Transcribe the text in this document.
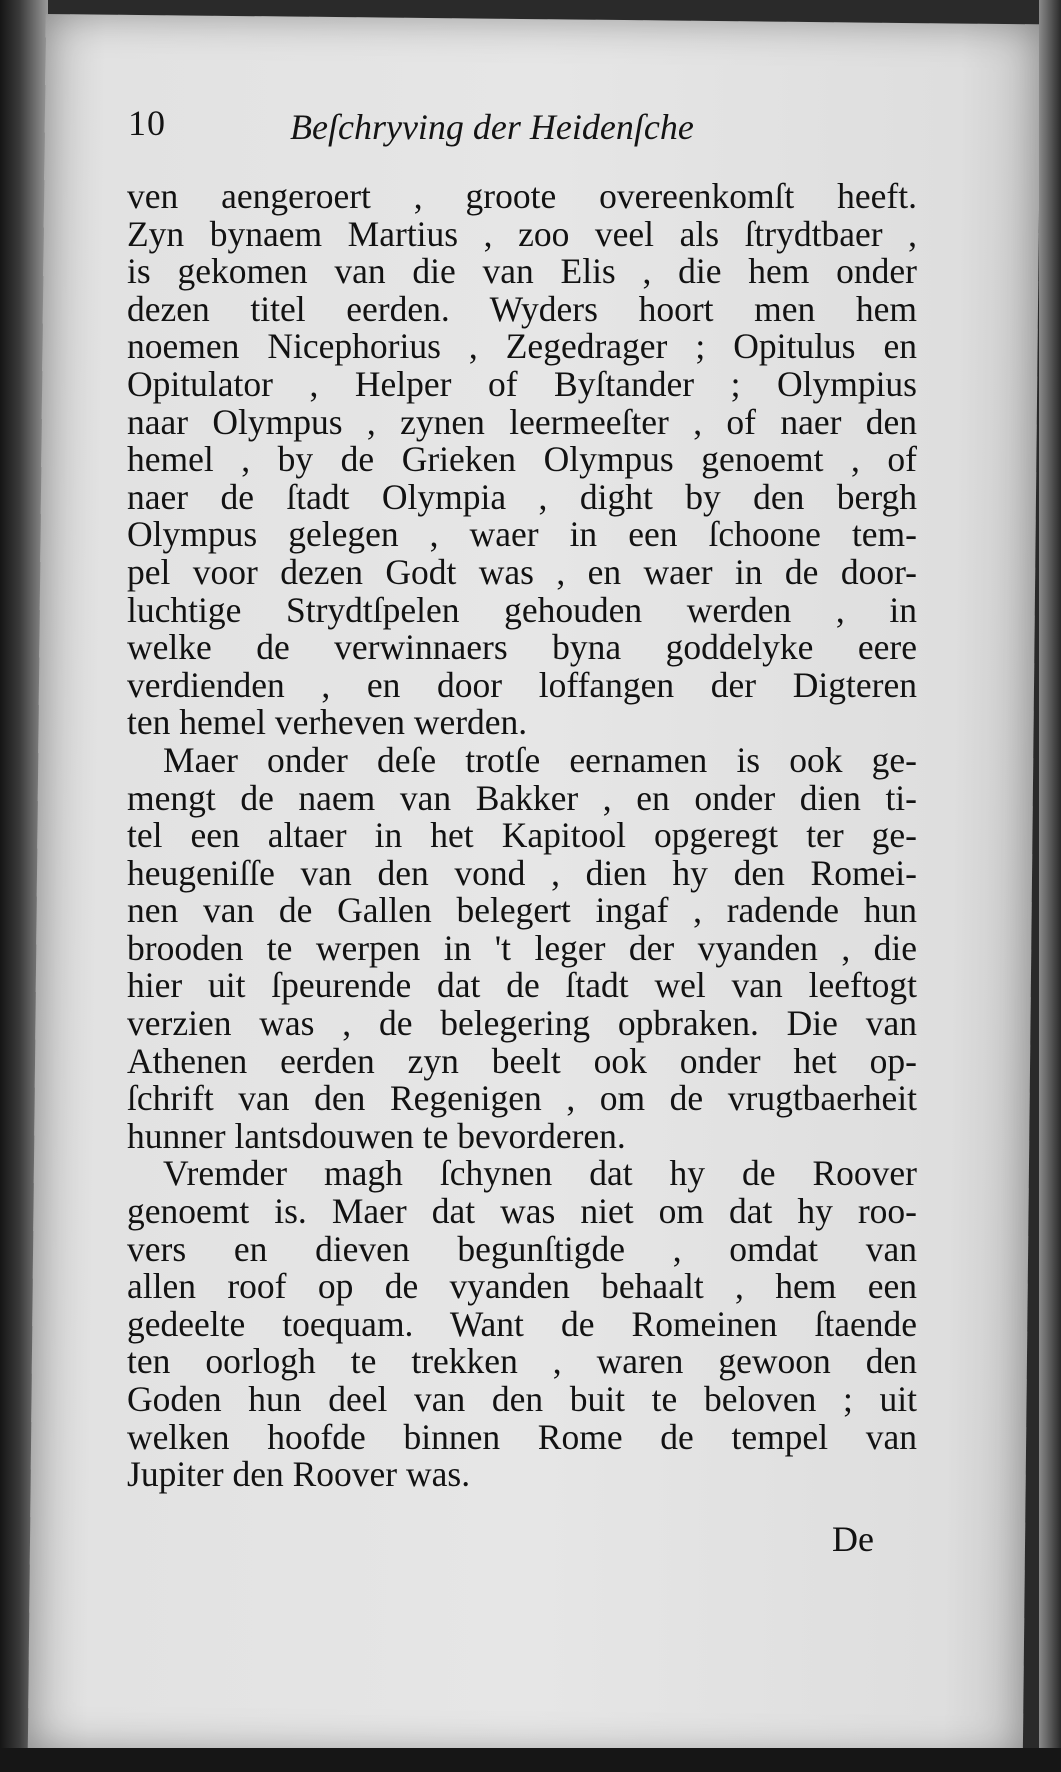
10	Beſchryving der Heidenſche
ven aengeroert , groote overeenkomſt heeft.
Zyn bynaem Martius , zoo veel als ſtrydtbaer ,
is gekomen van die van Elis , die hem onder
dezen titel eerden. Wyders hoort men hem
noemen Nicephorius , Zegedrager ; Opitulus en
Opitulator , Helper of Byſtander ; Olympius
naar Olympus , zynen leermeeſter , of naer den
hemel , by de Grieken Olympus genoemt , of
naer de ſtadt Olympia , dight by den bergh
Olympus gelegen , waer in een ſchoone tem-
pel voor dezen Godt was , en waer in de door-
luchtige Strydtſpelen gehouden werden , in
welke de verwinnaers byna goddelyke eere
verdienden , en door loffangen der Digteren
ten hemel verheven werden.
Maer onder deſe trotſe eernamen is ook ge-
mengt de naem van Bakker , en onder dien ti-
tel een altaer in het Kapitool opgeregt ter ge-
heugeniſſe van den vond , dien hy den Romei-
nen van de Gallen belegert ingaf , radende hun
brooden te werpen in 't leger der vyanden , die
hier uit ſpeurende dat de ſtadt wel van leeftogt
verzien was , de belegering opbraken. Die van
Athenen eerden zyn beelt ook onder het op-
ſchrift van den Regenigen , om de vrugtbaerheit
hunner lantsdouwen te bevorderen.
Vremder magh ſchynen dat hy de Roover
genoemt is. Maer dat was niet om dat hy roo-
vers en dieven begunſtigde , omdat van
allen roof op de vyanden behaalt , hem een
gedeelte toequam. Want de Romeinen ſtaende
ten oorlogh te trekken , waren gewoon den
Goden hun deel van den buit te beloven ; uit
welken hoofde binnen Rome de tempel van
Jupiter den Roover was.
De
